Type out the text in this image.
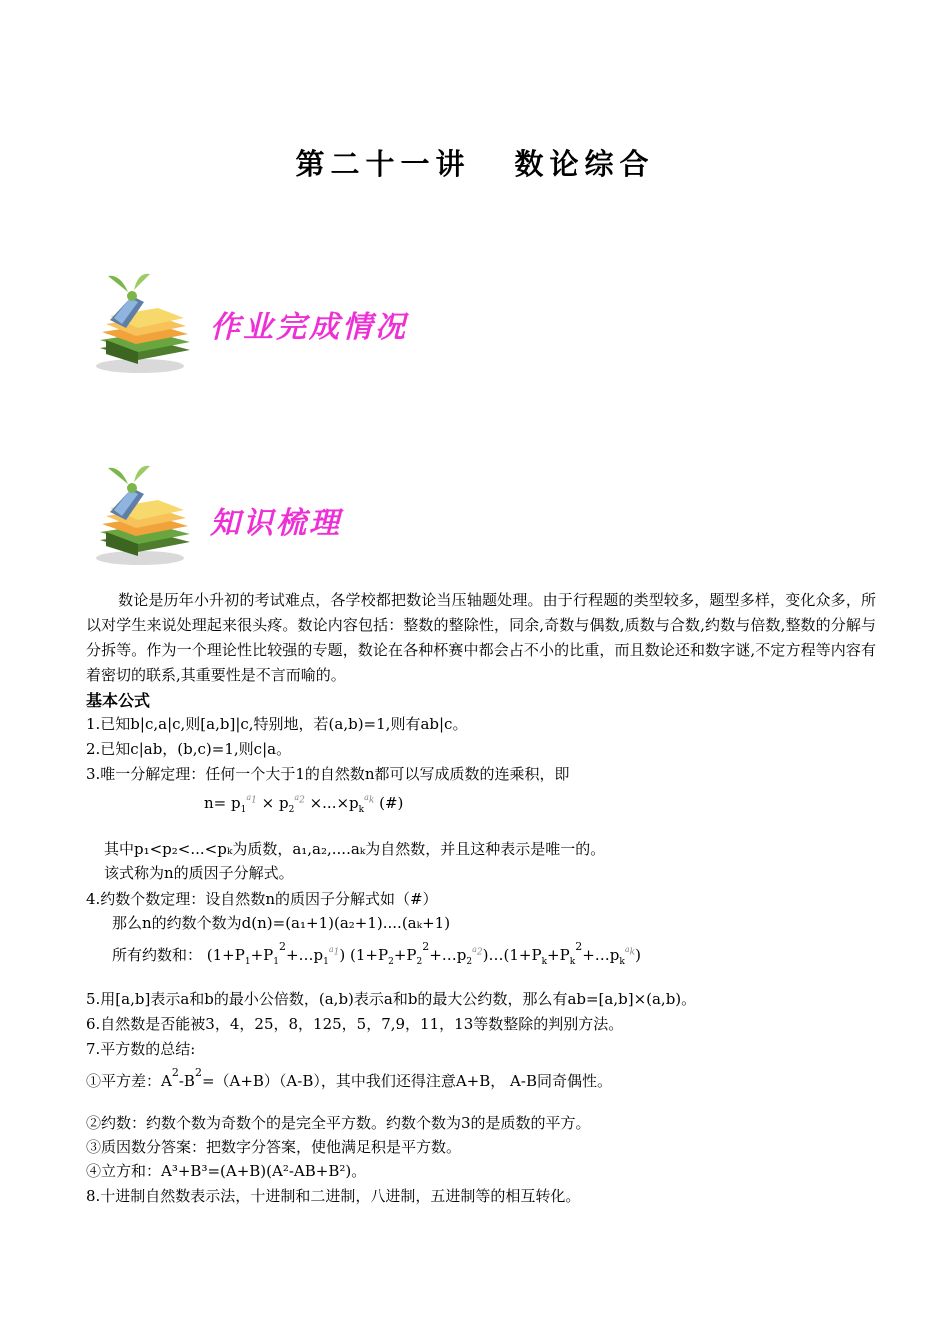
第二十一讲 数论综合
作业完成情况
知识梳理
数论是历年小升初的考试难点，各学校都把数论当压轴题处理。由于行程题的类型较多，题型多样，变化众多，所以对学生来说处理起来很头疼。数论内容包括：整数的整除性，同余,奇数与偶数,质数与合数,约数与倍数,整数的分解与分拆等。作为一个理论性比较强的专题，数论在各种杯赛中都会占不小的比重，而且数论还和数字谜,不定方程等内容有着密切的联系,其重要性是不言而喻的。
基本公式
1.已知b|c,a|c,则[a,b]|c,特别地，若(a,b)=1,则有ab|c。
2.已知c|ab，(b,c)=1,则c|a。
3.唯一分解定理：任何一个大于1的自然数n都可以写成质数的连乘积，即
$n= p_1^{a_1} \times p_2^{a_2} \times...\times p_k^{a_k}$ (#)
其中p₁<p₂<...<pₖ为质数，a₁,a₂,....aₖ为自然数，并且这种表示是唯一的。
该式称为n的质因子分解式。
4.约数个数定理：设自然数n的质因子分解式如（#）
那么n的约数个数为d(n)=(a₁+1)(a₂+1)....(aₖ+1)
所有约数和： $(1+P_1+P_1^2+\dots p_1^{a_1})$ $(1+P_2+P_2^2+\dots p_2^{a_2})\dots(1+P_k+P_k^2+\dots p_k^{a_k})$
5.用[a,b]表示a和b的最小公倍数，(a,b)表示a和b的最大公约数，那么有ab=[a,b]×(a,b)。
6.自然数是否能被3，4，25，8，125，5，7,9，11，13等数整除的判别方法。
7.平方数的总结:
①平方差：$A^2-B^2=(A+B)(A-B)$，其中我们还得注意A+B， A-B同奇偶性。
②约数：约数个数为奇数个的是完全平方数。约数个数为3的是质数的平方。
③质因数分答案：把数字分答案，使他满足积是平方数。
④立方和：A³+B³=(A+B)(A²-AB+B²)。
8.十进制自然数表示法，十进制和二进制，八进制，五进制等的相互转化。
